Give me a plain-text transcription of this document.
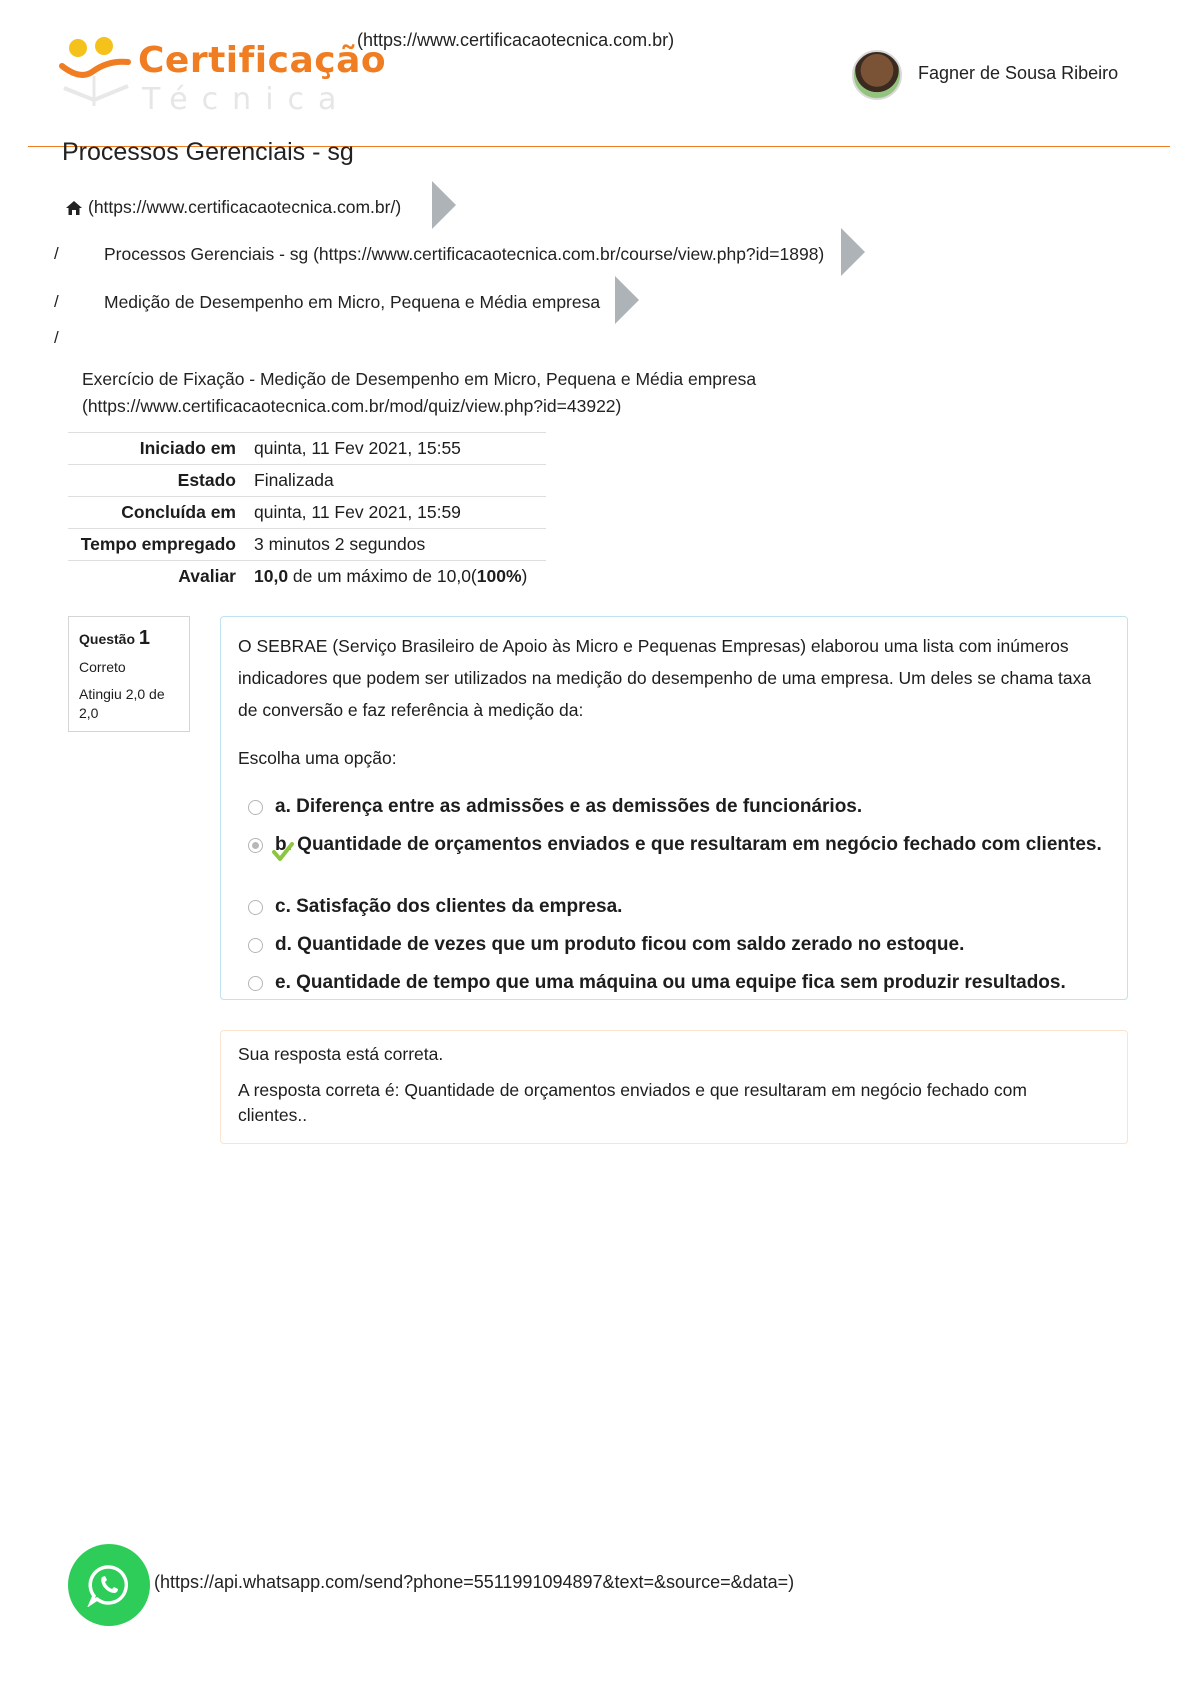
Certificação
Técnica
(https://www.certificacaotecnica.com.br)
Fagner de Sousa Ribeiro
Processos Gerenciais - sg
(https://www.certificacaotecnica.com.br/)
/	Processos Gerenciais - sg (https://www.certificacaotecnica.com.br/course/view.php?id=1898)
/	Medição de Desempenho em Micro, Pequena e Média empresa
/
Exercício de Fixação - Medição de Desempenho em Micro, Pequena e Média empresa
(https://www.certificacaotecnica.com.br/mod/quiz/view.php?id=43922)
Iniciado em	quinta, 11 Fev 2021, 15:55
Estado	Finalizada
Concluída em	quinta, 11 Fev 2021, 15:59
Tempo empregado	3 minutos 2 segundos
Avaliar	10,0 de um máximo de 10,0(100%)
Questão 1
Correto
Atingiu 2,0 de 2,0
O SEBRAE (Serviço Brasileiro de Apoio às Micro e Pequenas Empresas) elaborou uma lista com inúmeros indicadores que podem ser utilizados na medição do desempenho de uma empresa. Um deles se chama taxa de conversão e faz referência à medição da:
Escolha uma opção:
a. Diferença entre as admissões e as demissões de funcionários.
b. Quantidade de orçamentos enviados e que resultaram em negócio fechado com clientes.
c. Satisfação dos clientes da empresa.
d. Quantidade de vezes que um produto ficou com saldo zerado no estoque.
e. Quantidade de tempo que uma máquina ou uma equipe fica sem produzir resultados.
Sua resposta está correta.
A resposta correta é: Quantidade de orçamentos enviados e que resultaram em negócio fechado com clientes..
(https://api.whatsapp.com/send?phone=5511991094897&text=&source=&data=)
